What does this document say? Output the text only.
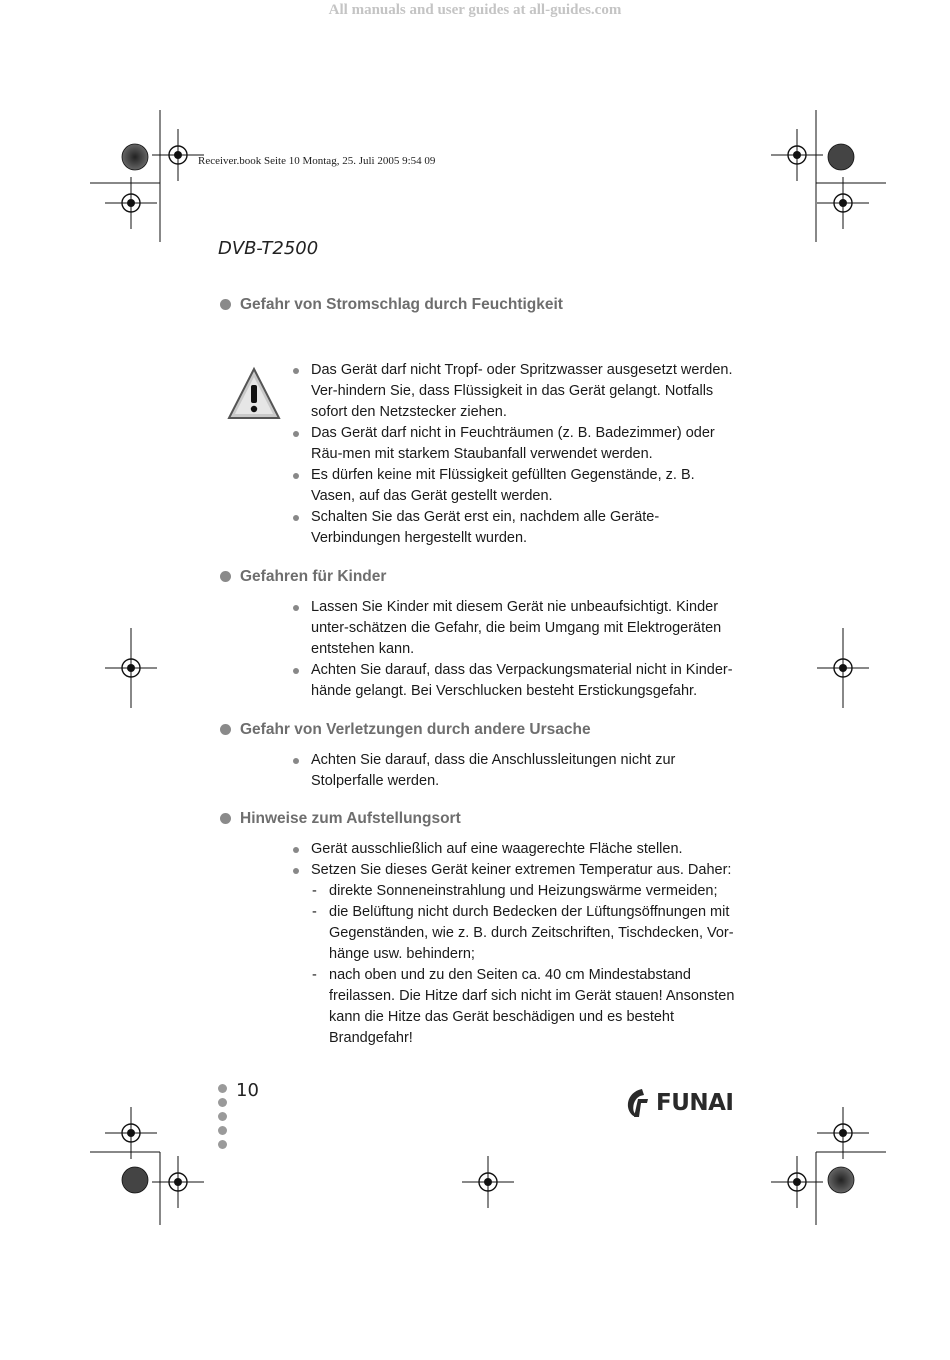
All manuals and user guides at all-guides.com
Receiver.book Seite 10 Montag, 25. Juli 2005 9:54 09
DVB-T2500
Gefahr von Stromschlag durch Feuchtigkeit
Das Gerät darf nicht Tropf- oder Spritzwasser ausgesetzt werden. Ver-hindern Sie, dass Flüssigkeit in das Gerät gelangt. Notfalls sofort den Netzstecker ziehen.
Das Gerät darf nicht in Feuchträumen (z. B. Badezimmer) oder Räu-men mit starkem Staubanfall verwendet werden.
Es dürfen keine mit Flüssigkeit gefüllten Gegenstände, z. B. Vasen, auf das Gerät gestellt werden.
Schalten Sie das Gerät erst ein, nachdem alle Geräte-Verbindungen hergestellt wurden.
Gefahren für Kinder
Lassen Sie Kinder mit diesem Gerät nie unbeaufsichtigt. Kinder unter-schätzen die Gefahr, die beim Umgang mit Elektrogeräten entstehen kann.
Achten Sie darauf, dass das Verpackungsmaterial nicht in Kinder-hände gelangt. Bei Verschlucken besteht Erstickungsgefahr.
Gefahr von Verletzungen durch andere Ursache
Achten Sie darauf, dass die Anschlussleitungen nicht zur Stolperfalle werden.
Hinweise zum Aufstellungsort
Gerät ausschließlich auf eine waagerechte Fläche stellen.
Setzen Sie dieses Gerät keiner extremen Temperatur aus. Daher:
- direkte Sonneneinstrahlung und Heizungswärme vermeiden;
- die Belüftung nicht durch Bedecken der Lüftungsöffnungen mit Gegenständen, wie z. B. durch Zeitschriften, Tischdecken, Vor-hänge usw. behindern;
- nach oben und zu den Seiten ca. 40 cm Mindestabstand freilassen. Die Hitze darf sich nicht im Gerät stauen! Ansonsten kann die Hitze das Gerät beschädigen und es besteht Brandgefahr!
10	FUNAI
